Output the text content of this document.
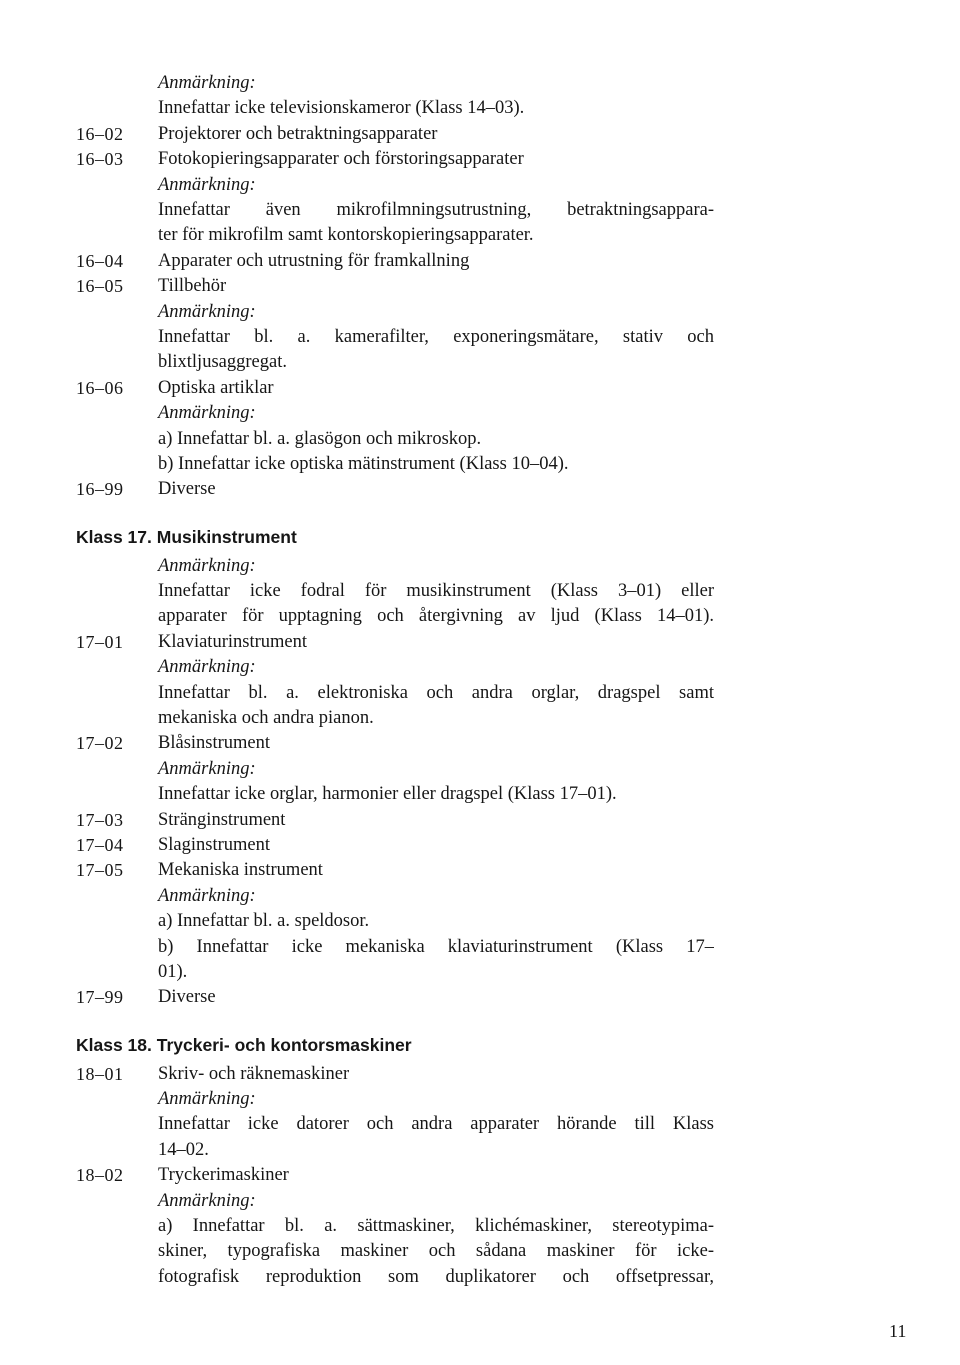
11
Anmärkning:
Innefattar icke televisionskameror (Klass 14–03).
16–02 Projektorer och betraktningsapparater
16–03 Fotokopieringsapparater och förstoringsapparater
Anmärkning:
Innefattar även mikrofilmningsutrustning, betraktningsappara-
ter för mikrofilm samt kontorskopieringsapparater.
16–04 Apparater och utrustning för framkallning
16–05 Tillbehör
Anmärkning:
Innefattar bl. a. kamerafilter, exponeringsmätare, stativ och
blixtljusaggregat.
16–06 Optiska artiklar
Anmärkning:
a) Innefattar bl. a. glasögon och mikroskop.
b) Innefattar icke optiska mätinstrument (Klass 10–04).
16–99 Diverse
Klass 17. Musikinstrument
Anmärkning:
Innefattar icke fodral för musikinstrument (Klass 3–01) eller
apparater för upptagning och återgivning av ljud (Klass 14–01).
17–01 Klaviaturinstrument
Anmärkning:
Innefattar bl. a. elektroniska och andra orglar, dragspel samt
mekaniska och andra pianon.
17–02 Blåsinstrument
Anmärkning:
Innefattar icke orglar, harmonier eller dragspel (Klass 17–01).
17–03 Stränginstrument
17–04 Slaginstrument
17–05 Mekaniska instrument
Anmärkning:
a) Innefattar bl. a. speldosor.
b) Innefattar icke mekaniska klaviaturinstrument (Klass 17–
01).
17–99 Diverse
Klass 18. Tryckeri- och kontorsmaskiner
18–01 Skriv- och räknemaskiner
Anmärkning:
Innefattar icke datorer och andra apparater hörande till Klass
14–02.
18–02 Tryckerimaskiner
Anmärkning:
a) Innefattar bl. a. sättmaskiner, klichémaskiner, stereotypima-
skiner, typografiska maskiner och sådana maskiner för icke-
fotografisk reproduktion som duplikatorer och offsetpressar,
